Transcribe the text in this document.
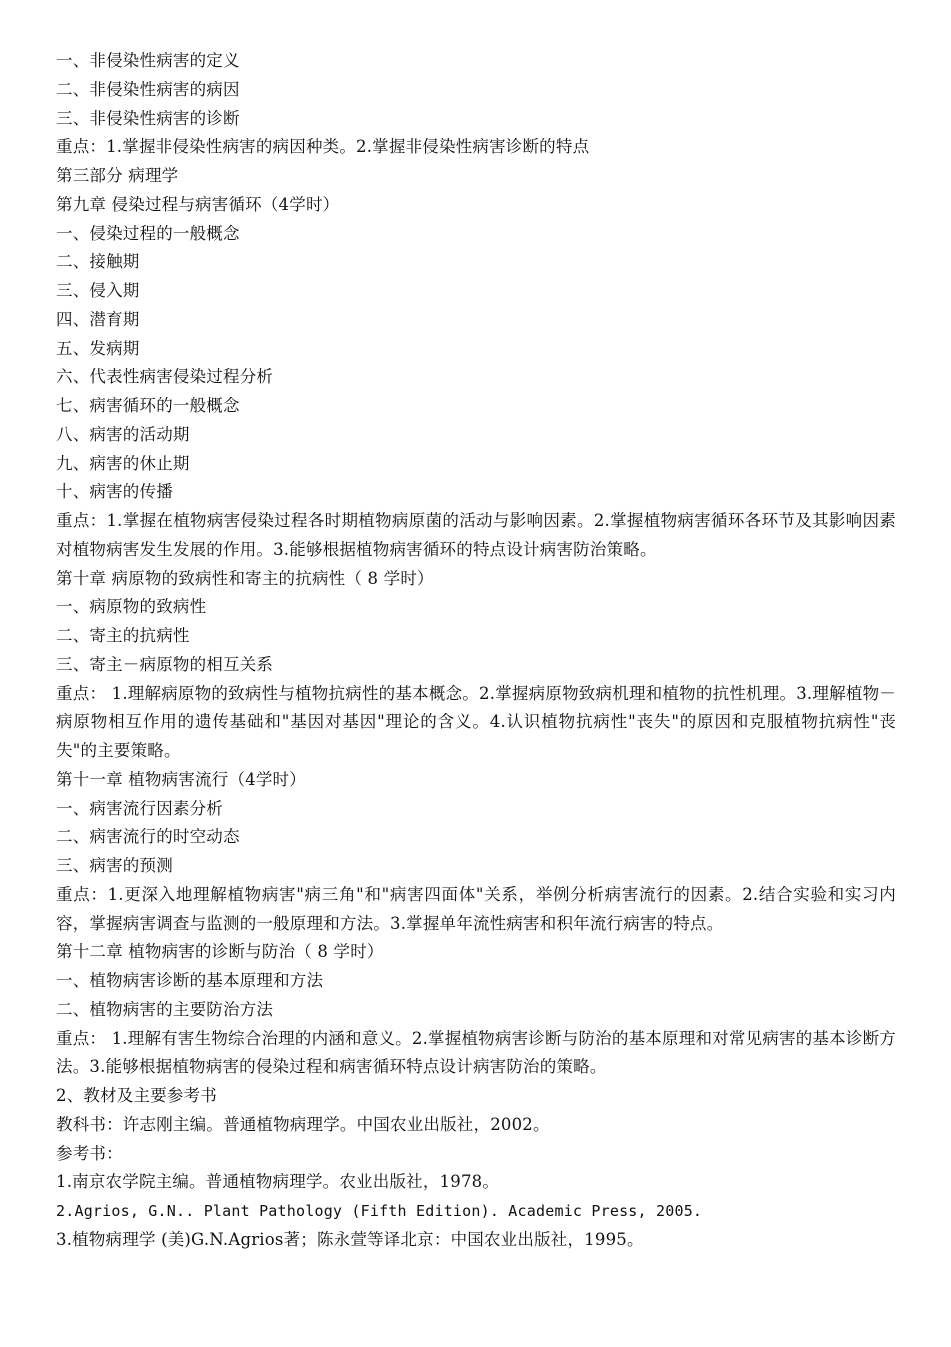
一、非侵染性病害的定义
二、非侵染性病害的病因
三、非侵染性病害的诊断
重点：1.掌握非侵染性病害的病因种类。2.掌握非侵染性病害诊断的特点
第三部分 病理学
第九章 侵染过程与病害循环（4学时）
一、侵染过程的一般概念
二、接触期
三、侵入期
四、潜育期
五、发病期
六、代表性病害侵染过程分析
七、病害循环的一般概念
八、病害的活动期
九、病害的休止期
十、病害的传播
重点：1.掌握在植物病害侵染过程各时期植物病原菌的活动与影响因素。2.掌握植物病害循环各环节及其影响因素对植物病害发生发展的作用。3.能够根据植物病害循环的特点设计病害防治策略。
第十章 病原物的致病性和寄主的抗病性（ 8 学时）
一、病原物的致病性
二、寄主的抗病性
三、寄主－病原物的相互关系
重点： 1.理解病原物的致病性与植物抗病性的基本概念。2.掌握病原物致病机理和植物的抗性机理。3.理解植物－病原物相互作用的遗传基础和"基因对基因"理论的含义。4.认识植物抗病性"丧失"的原因和克服植物抗病性"丧失"的主要策略。
第十一章 植物病害流行（4学时）
一、病害流行因素分析
二、病害流行的时空动态
三、病害的预测
重点：1.更深入地理解植物病害"病三角"和"病害四面体"关系，举例分析病害流行的因素。2.结合实验和实习内容，掌握病害调查与监测的一般原理和方法。3.掌握单年流性病害和积年流行病害的特点。
第十二章 植物病害的诊断与防治（ 8 学时）
一、植物病害诊断的基本原理和方法
二、植物病害的主要防治方法
重点： 1.理解有害生物综合治理的内涵和意义。2.掌握植物病害诊断与防治的基本原理和对常见病害的基本诊断方法。3.能够根据植物病害的侵染过程和病害循环特点设计病害防治的策略。
2、教材及主要参考书
教科书：许志刚主编。普通植物病理学。中国农业出版社，2002。
参考书：
1.南京农学院主编。普通植物病理学。农业出版社，1978。
2.Agrios, G.N.. Plant Pathology (Fifth Edition). Academic Press, 2005.
3.植物病理学 (美)G.N.Agrios著；陈永萱等译北京：中国农业出版社，1995。
